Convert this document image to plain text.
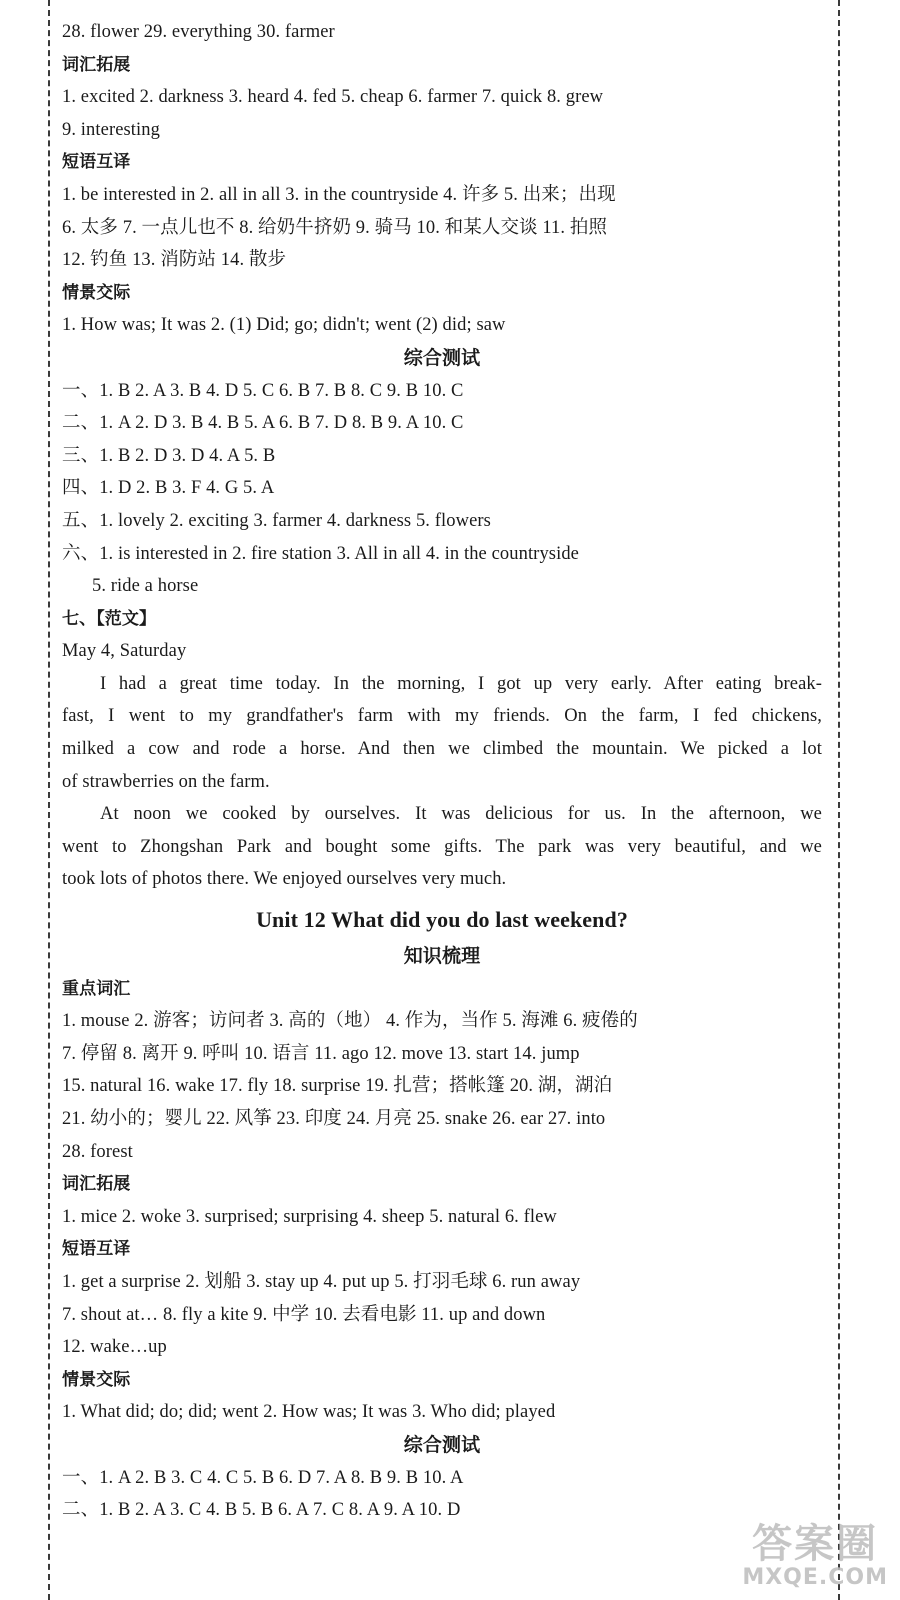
28. flower 29. everything 30. farmer
词汇拓展
1. excited 2. darkness 3. heard 4. fed 5. cheap 6. farmer 7. quick 8. grew
9. interesting
短语互译
1. be interested in 2. all in all 3. in the countryside 4. 许多 5. 出来；出现
6. 太多 7. 一点儿也不 8. 给奶牛挤奶 9. 骑马 10. 和某人交谈 11. 拍照
12. 钓鱼 13. 消防站 14. 散步
情景交际
1. How was; It was 2. (1) Did; go; didn't; went (2) did; saw
综合测试
一、1. B 2. A 3. B 4. D 5. C 6. B 7. B 8. C 9. B 10. C
二、1. A 2. D 3. B 4. B 5. A 6. B 7. D 8. B 9. A 10. C
三、1. B 2. D 3. D 4. A 5. B
四、1. D 2. B 3. F 4. G 5. A
五、1. lovely 2. exciting 3. farmer 4. darkness 5. flowers
六、1. is interested in 2. fire station 3. All in all 4. in the countryside
5. ride a horse
七、【范文】
May 4, Saturday
I had a great time today. In the morning, I got up very early. After eating break-
fast, I went to my grandfather's farm with my friends. On the farm, I fed chickens,
milked a cow and rode a horse. And then we climbed the mountain. We picked a lot
of strawberries on the farm.
At noon we cooked by ourselves. It was delicious for us. In the afternoon, we
went to Zhongshan Park and bought some gifts. The park was very beautiful, and we
took lots of photos there. We enjoyed ourselves very much.
Unit 12 What did you do last weekend?
知识梳理
重点词汇
1. mouse 2. 游客；访问者 3. 高的（地） 4. 作为，当作 5. 海滩 6. 疲倦的
7. 停留 8. 离开 9. 呼叫 10. 语言 11. ago 12. move 13. start 14. jump
15. natural 16. wake 17. fly 18. surprise 19. 扎营；搭帐篷 20. 湖，湖泊
21. 幼小的；婴儿 22. 风筝 23. 印度 24. 月亮 25. snake 26. ear 27. into
28. forest
词汇拓展
1. mice 2. woke 3. surprised; surprising 4. sheep 5. natural 6. flew
短语互译
1. get a surprise 2. 划船 3. stay up 4. put up 5. 打羽毛球 6. run away
7. shout at… 8. fly a kite 9. 中学 10. 去看电影 11. up and down
12. wake…up
情景交际
1. What did; do; did; went 2. How was; It was 3. Who did; played
综合测试
一、1. A 2. B 3. C 4. C 5. B 6. D 7. A 8. B 9. B 10. A
二、1. B 2. A 3. C 4. B 5. B 6. A 7. C 8. A 9. A 10. D
答案圈
MXQE.COM
